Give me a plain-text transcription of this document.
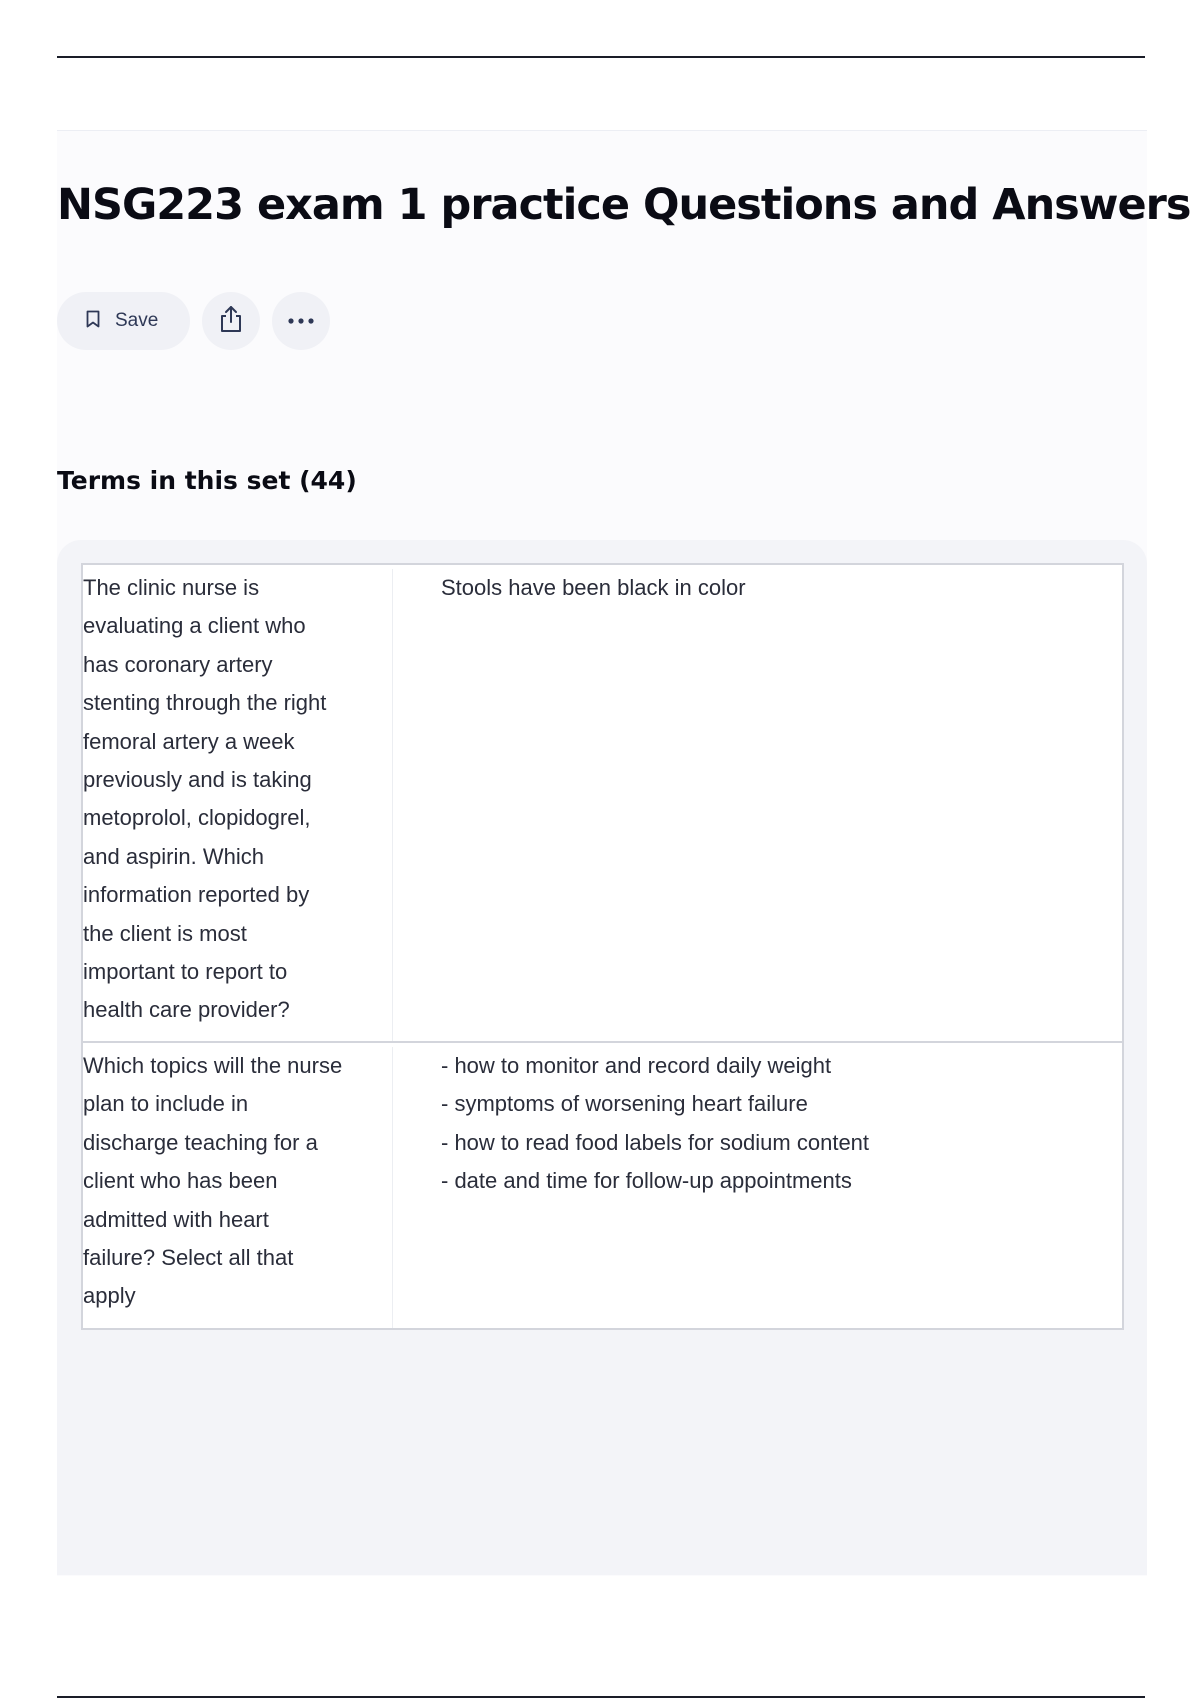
NSG223 exam 1 practice Questions and Answers
Save
Terms in this set (44)
The clinic nurse is
evaluating a client who
has coronary artery
stenting through the right
femoral artery a week
previously and is taking
metoprolol, clopidogrel,
and aspirin. Which
information reported by
the client is most
important to report to
health care provider?
Stools have been black in color
Which topics will the nurse
plan to include in
discharge teaching for a
client who has been
admitted with heart
failure? Select all that
apply
- how to monitor and record daily weight
- symptoms of worsening heart failure
- how to read food labels for sodium content
- date and time for follow-up appointments
